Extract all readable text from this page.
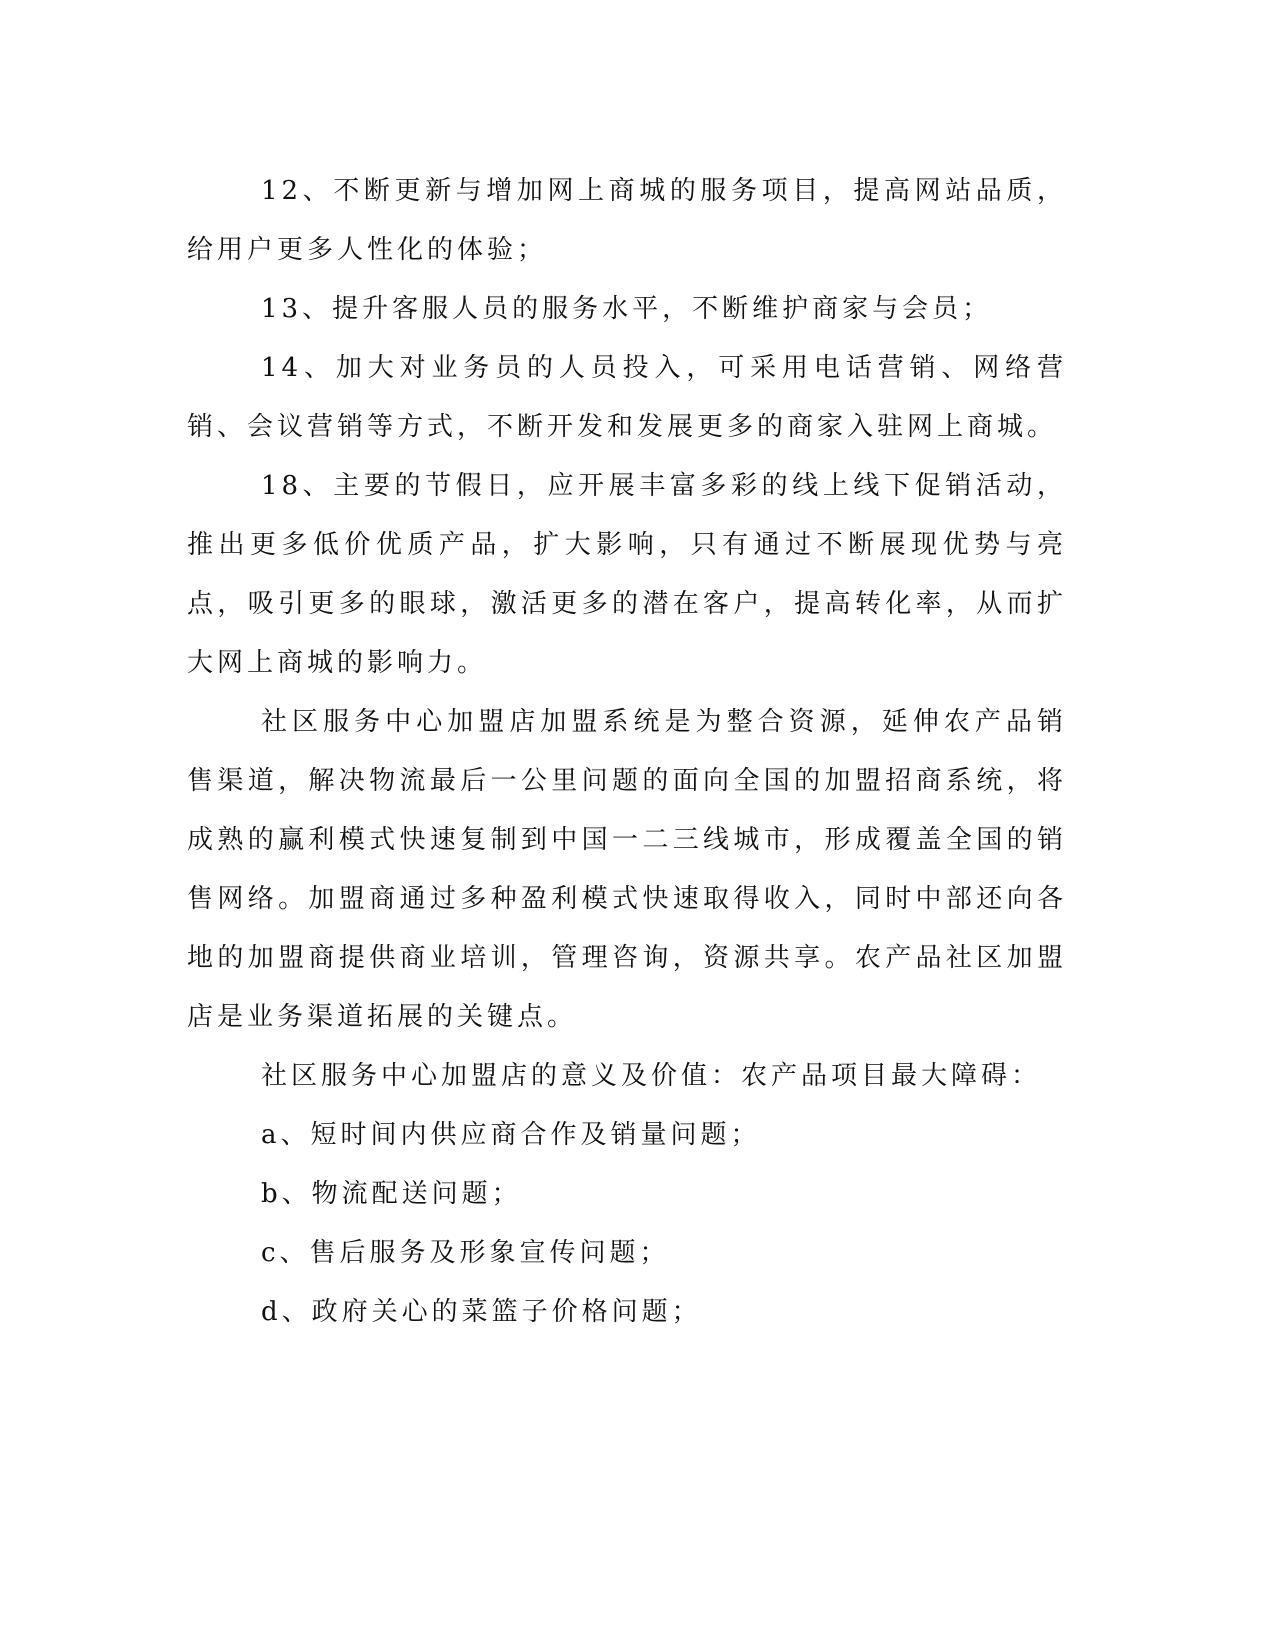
12、不断更新与增加网上商城的服务项目，提高网站品质，给用户更多人性化的体验；

13、提升客服人员的服务水平，不断维护商家与会员；

14、加大对业务员的人员投入，可采用电话营销、网络营销、会议营销等方式，不断开发和发展更多的商家入驻网上商城。

18、主要的节假日，应开展丰富多彩的线上线下促销活动，推出更多低价优质产品，扩大影响，只有通过不断展现优势与亮点，吸引更多的眼球，激活更多的潜在客户，提高转化率，从而扩大网上商城的影响力。

社区服务中心加盟店加盟系统是为整合资源，延伸农产品销售渠道，解决物流最后一公里问题的面向全国的加盟招商系统，将成熟的赢利模式快速复制到中国一二三线城市，形成覆盖全国的销售网络。加盟商通过多种盈利模式快速取得收入，同时中部还向各地的加盟商提供商业培训，管理咨询，资源共享。农产品社区加盟店是业务渠道拓展的关键点。

社区服务中心加盟店的意义及价值：农产品项目最大障碍：

a、短时间内供应商合作及销量问题；

b、物流配送问题；

c、售后服务及形象宣传问题；

d、政府关心的菜篮子价格问题；
